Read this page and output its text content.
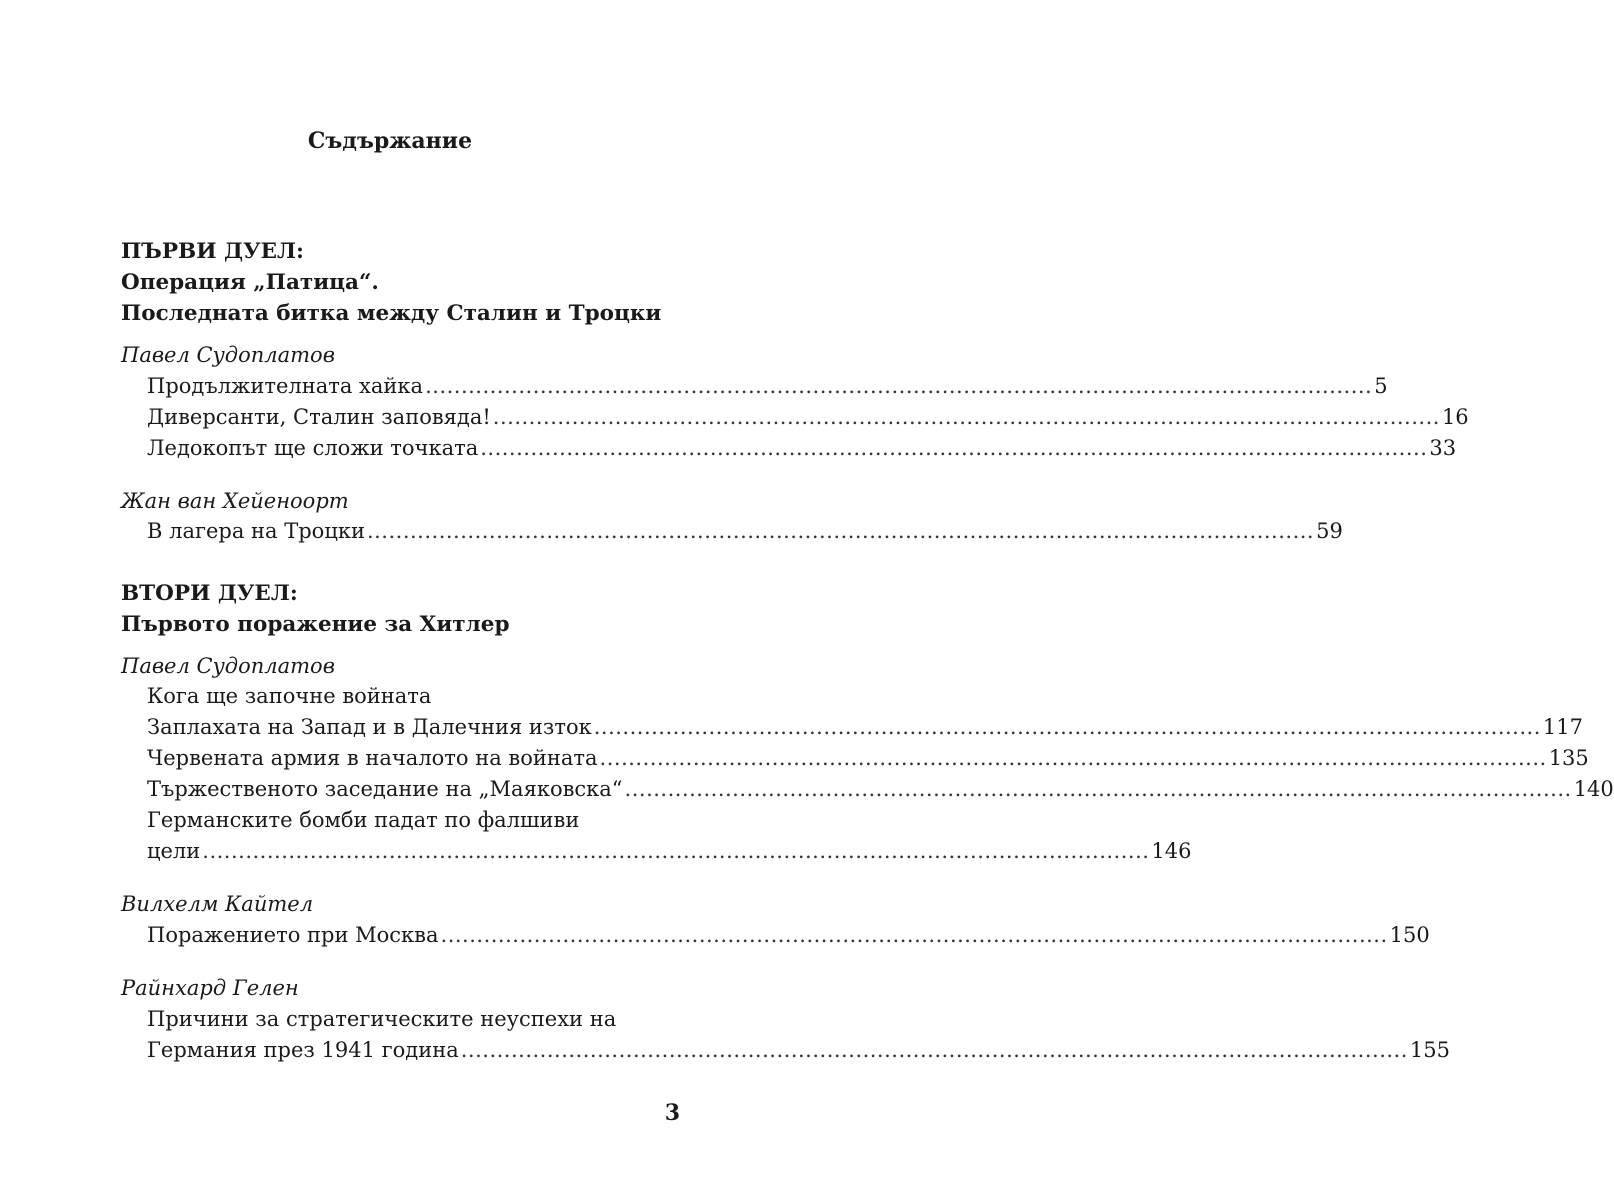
Съдържание
ПЪРВИ ДУЕЛ:
Операция „Патица“.
Последната битка между Сталин и Троцки
Павел Судоплатов
Продължителната хайка .................................................................................................................................... 5
Диверсанти, Сталин заповяда! .................................................................................................................................... 16
Ледокопът ще сложи точката .................................................................................................................................... 33
Жан ван Хейеноорт
В лагера на Троцки .................................................................................................................................... 59
ВТОРИ ДУЕЛ:
Първото поражение за Хитлер
Павел Судоплатов
Кога ще започне войната
Заплахата на Запад и в Далечния изток .................................................................................................................................... 117
Червената армия в началото на войната .................................................................................................................................... 135
Тържественото заседание на „Маяковска“ .................................................................................................................................... 140
Германските бомби падат по фалшиви
цели .................................................................................................................................... 146
Вилхелм Кайтел
Поражението при Москва .................................................................................................................................... 150
Райнхард Гелен
Причини за стратегическите неуспехи на
Германия през 1941 година .................................................................................................................................... 155
3
